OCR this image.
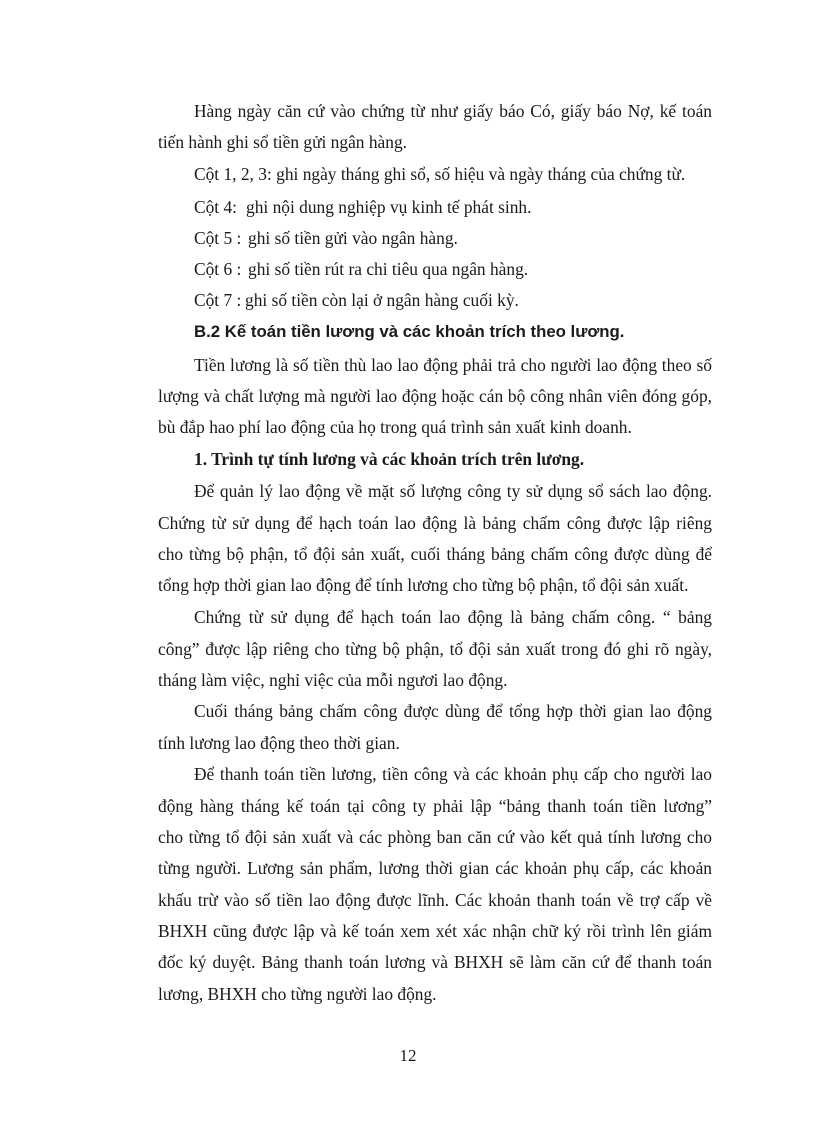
Hàng ngày căn cứ vào chứng từ như giấy báo Có, giấy báo Nợ, kế toán
tiến hành ghi sổ tiền gửi ngân hàng.
Cột 1, 2, 3: ghi ngày tháng ghi sổ, số hiệu và ngày tháng của chứng từ.
Cột 4: ghi nội dung nghiệp vụ kinh tế phát sinh.
Cột 5 : ghi số tiền gửi vào ngân hàng.
Cột 6 : ghi số tiền rút ra chi tiêu qua ngân hàng.
Cột 7 : ghi số tiền còn lại ở ngân hàng cuối kỳ.
B.2 Kế toán tiền lương và các khoản trích theo lương.
Tiền lương là số tiền thù lao lao động phải trả cho người lao động theo số
lượng và chất lượng mà người lao động hoặc cán bộ công nhân viên đóng góp,
bù đắp hao phí lao động của họ trong quá trình sản xuất kinh doanh.
1. Trình tự tính lương và các khoản trích trên lương.
Để quản lý lao động về mặt số lượng công ty sử dụng sổ sách lao động.
Chứng từ sử dụng để hạch toán lao động là bảng chấm công được lập riêng
cho từng bộ phận, tổ đội sản xuất, cuối tháng bảng chấm công được dùng để
tổng hợp thời gian lao động để tính lương cho từng bộ phận, tổ đội sản xuất.
Chứng từ sử dụng để hạch toán lao động là bảng chấm công. “ bảng
công” được lập riêng cho từng bộ phận, tổ đội sản xuất trong đó ghi rõ ngày,
tháng làm việc, nghỉ việc của mỗi ngươi lao động.
Cuối tháng bảng chấm công được dùng để tổng hợp thời gian lao động
tính lương lao động theo thời gian.
Để thanh toán tiền lương, tiền công và các khoản phụ cấp cho người lao
động hàng tháng kế toán tại công ty phải lập “bảng thanh toán tiền lương”
cho từng tổ đội sản xuất và các phòng ban căn cứ vào kết quả tính lương cho
từng người. Lương sản phẩm, lương thời gian các khoản phụ cấp, các khoản
khấu trừ vào số tiền lao động được lĩnh. Các khoản thanh toán về trợ cấp về
BHXH cũng được lập và kế toán xem xét xác nhận chữ ký rồi trình lên giám
đốc ký duyệt. Bảng thanh toán lương và BHXH sẽ làm căn cứ để thanh toán
lương, BHXH cho từng người lao động.
12
